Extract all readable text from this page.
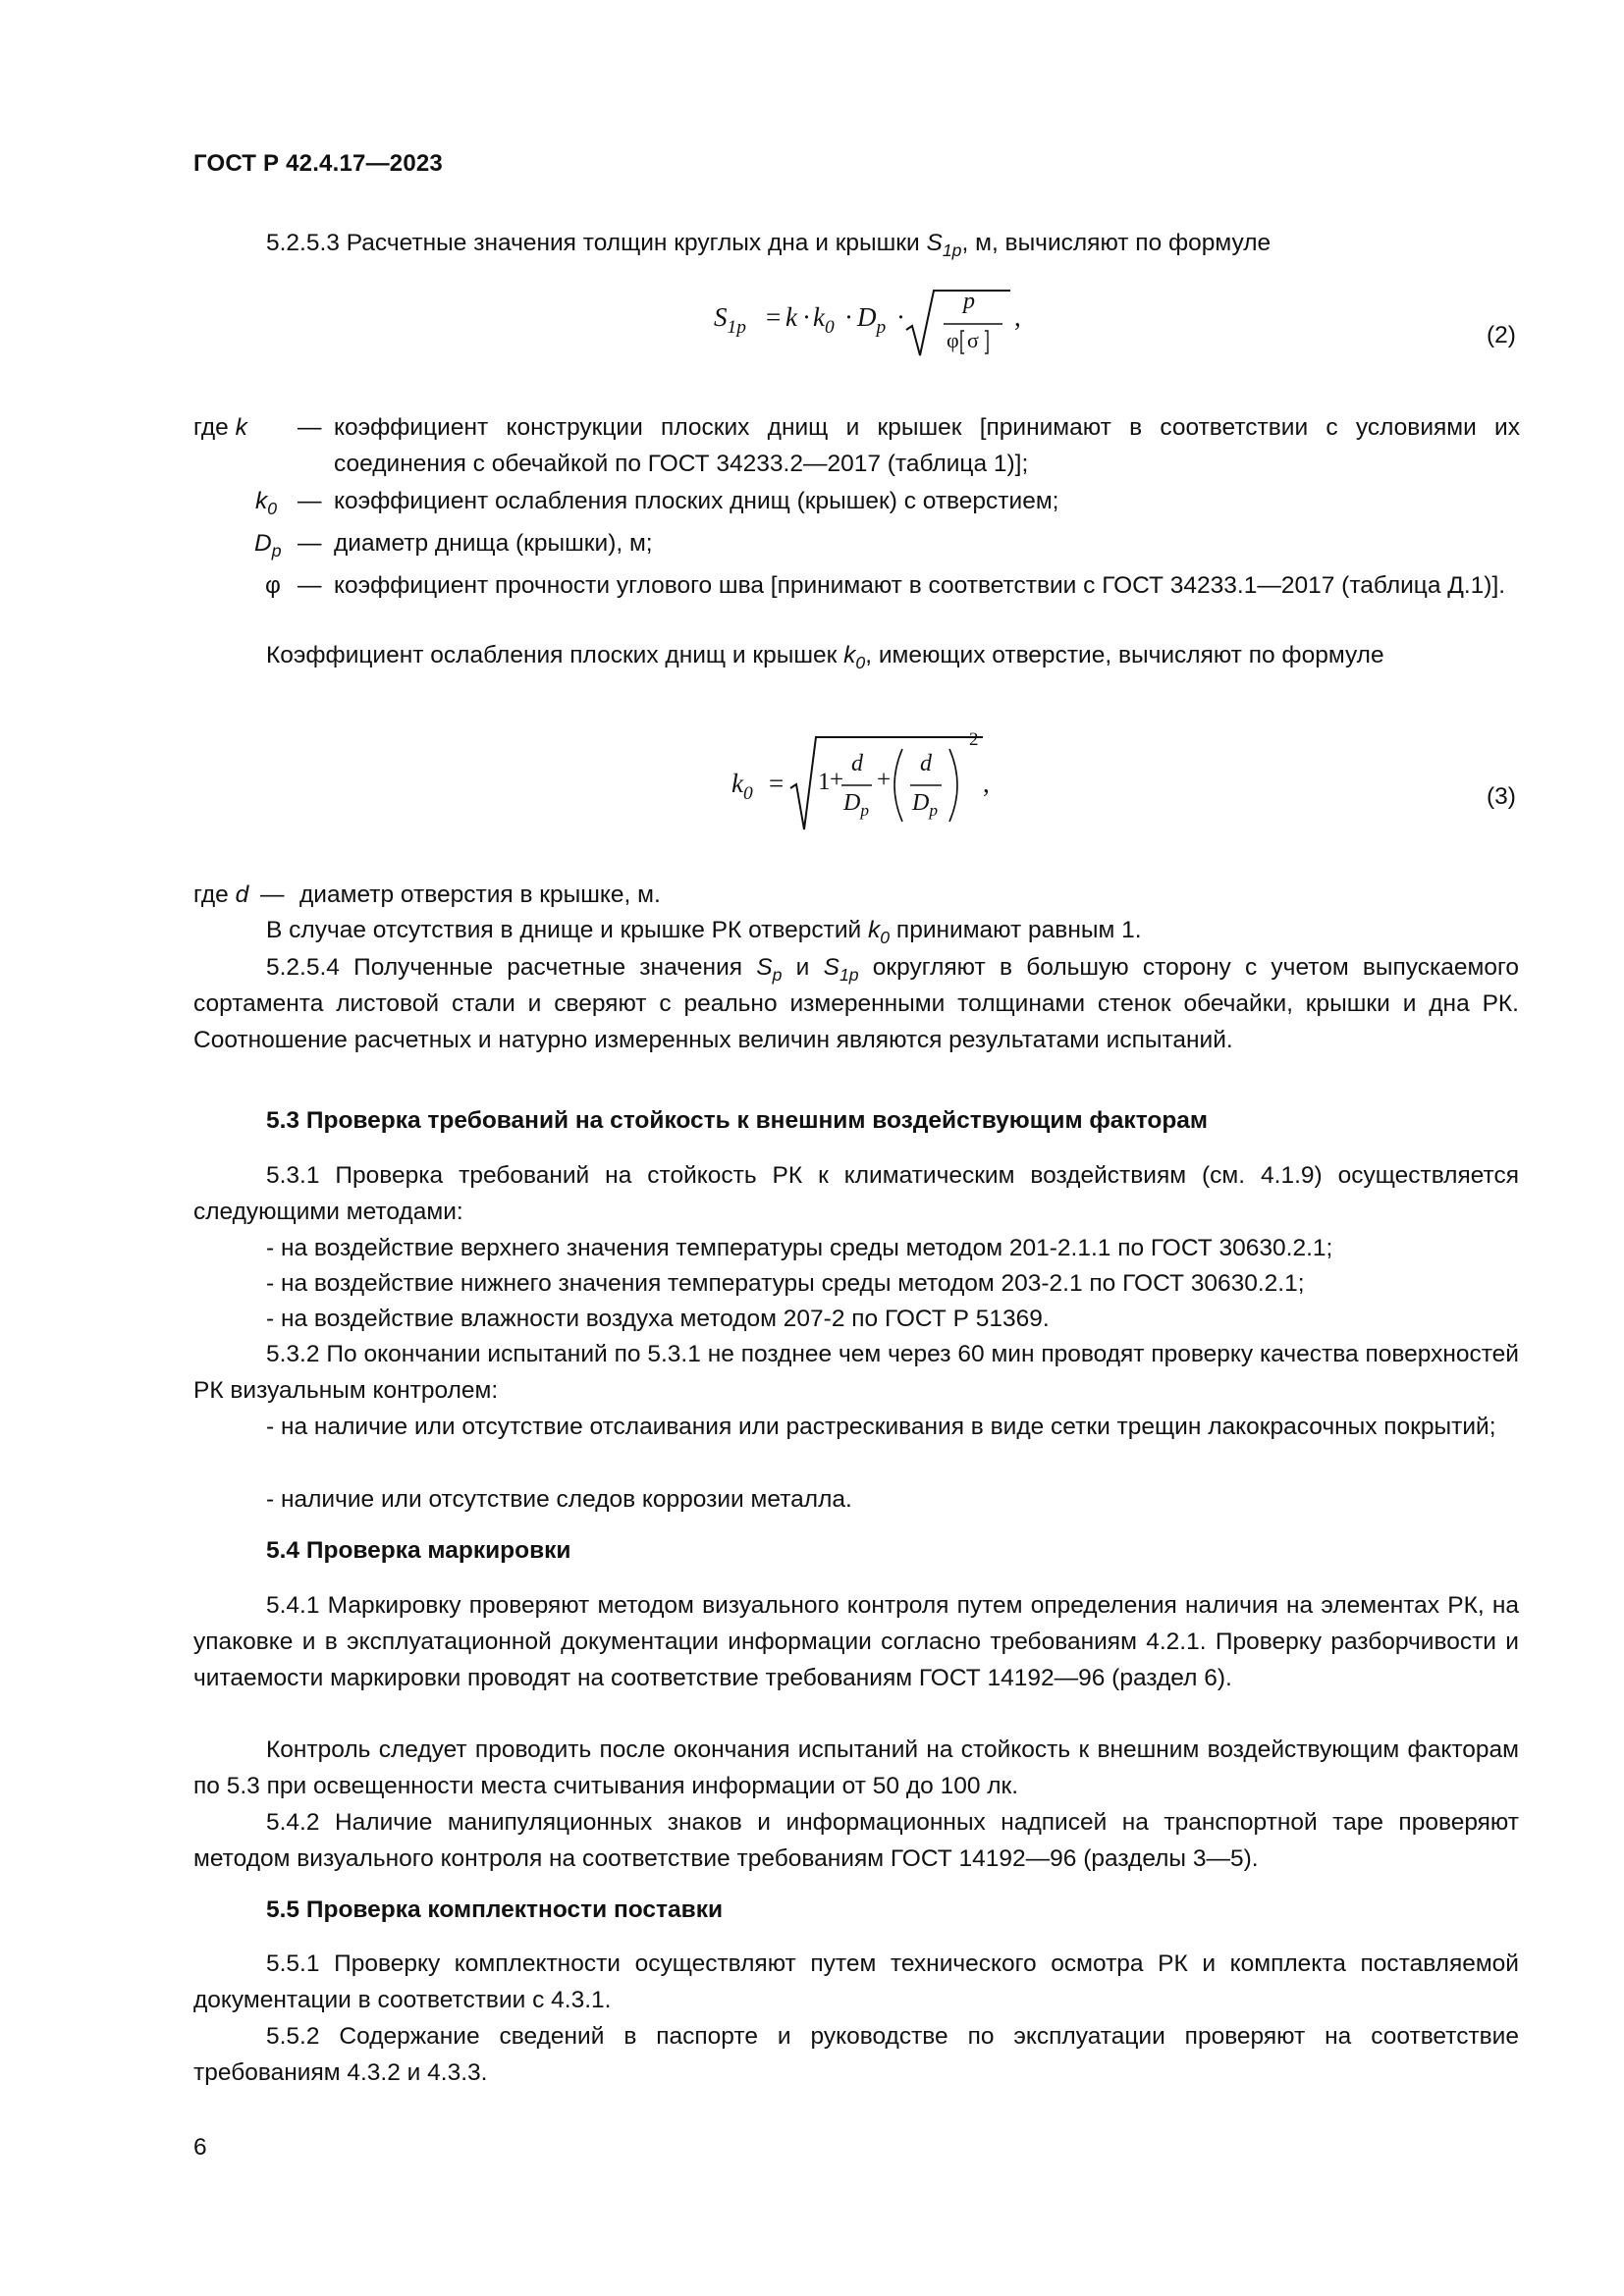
ГОСТ Р 42.4.17—2023

5.2.5.3 Расчетные значения толщин круглых дна и крышки $S_{1p}$, м, вычисляют по формуле

$S_{1p} = k \cdot k_0 \cdot D_p$ ·
p
φ σ
,
(2)
где k — коэффициент конструкции плоских днищ и крышек [принимают в соответствии с условиями их соединения с обечайкой по ГОСТ 34233.2—2017 (таблица 1)];
$k_0$ — коэффициент ослабления плоских днищ (крышек) с отверстием;
$D_p$ — диаметр днища (крышки), м;
φ — коэффициент прочности углового шва [принимают в соответствии с ГОСТ 34233.1—2017 (таблица Д.1)].

Коэффициент ослабления плоских днищ и крышек $k_0$, имеющих отверстие, вычисляют по формуле

$k_0 = 1$ +
d
$D_p$
+
d
$D_p$
2
,	(3)
где d — диаметр отверстия в крышке, м.

В случае отсутствия в днище и крышке РК отверстий $k_0$ принимают равным 1.

5.2.5.4 Полученные расчетные значения $S_p$ и $S_{1p}$ округляют в большую сторону с учетом выпускаемого сортамента листовой стали и сверяют с реально измеренными толщинами стенок обечайки, крышки и дна РК. Соотношение расчетных и натурно измеренных величин являются результатами испытаний.

5.3 Проверка требований на стойкость к внешним воздействующим факторам

5.3.1 Проверка требований на стойкость РК к климатическим воздействиям (см. 4.1.9) осуществляется следующими методами:

- на воздействие верхнего значения температуры среды методом 201-2.1.1 по ГОСТ 30630.2.1;
- на воздействие нижнего значения температуры среды методом 203-2.1 по ГОСТ 30630.2.1;
- на воздействие влажности воздуха методом 207-2 по ГОСТ Р 51369.

5.3.2 По окончании испытаний по 5.3.1 не позднее чем через 60 мин проводят проверку качества поверхностей РК визуальным контролем:

- на наличие или отсутствие отслаивания или растрескивания в виде сетки трещин лакокрасочных покрытий;
- наличие или отсутствие следов коррозии металла.
5.4 Проверка маркировки

5.4.1 Маркировку проверяют методом визуального контроля путем определения наличия на элементах РК, на упаковке и в эксплуатационной документации информации согласно требованиям 4.2.1. Проверку разборчивости и читаемости маркировки проводят на соответствие требованиям ГОСТ 14192—96 (раздел 6).

Контроль следует проводить после окончания испытаний на стойкость к внешним воздействующим факторам по 5.3 при освещенности места считывания информации от 50 до 100 лк.

5.4.2 Наличие манипуляционных знаков и информационных надписей на транспортной таре проверяют методом визуального контроля на соответствие требованиям ГОСТ 14192—96 (разделы 3—5).

5.5 Проверка комплектности поставки

5.5.1 Проверку комплектности осуществляют путем технического осмотра РК и комплекта поставляемой документации в соответствии с 4.3.1.

5.5.2 Содержание сведений в паспорте и руководстве по эксплуатации проверяют на соответствие требованиям 4.3.2 и 4.3.3.

6
